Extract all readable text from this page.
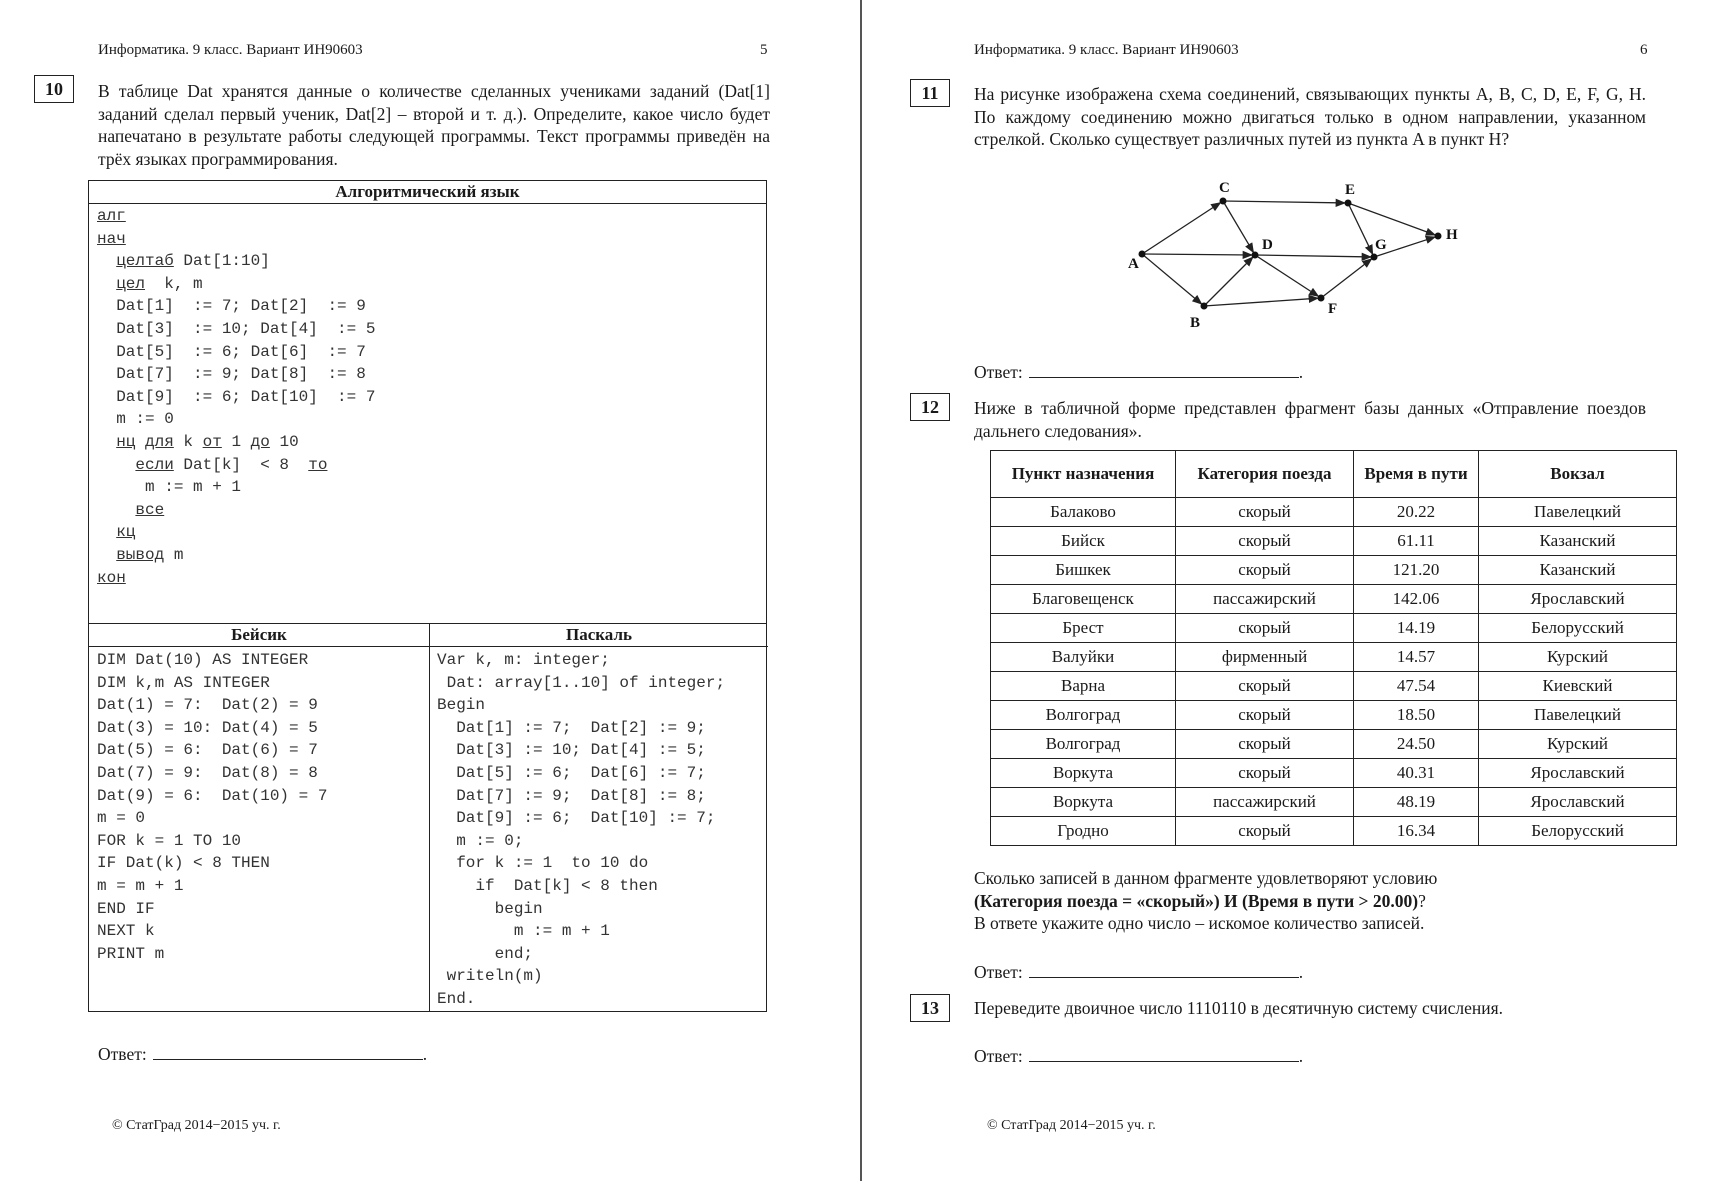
Информатика. 9 класс. Вариант ИН90603	5
10	В таблице Dat хранятся данные о количестве сделанных учениками заданий (Dat[1] заданий сделал первый ученик, Dat[2] – второй и т. д.). Определите, какое число будет напечатано в результате работы следующей программы. Текст программы приведён на трёх языках программирования.
Алгоритмический язык
алг
нач
целтаб Dat[1:10]
цел  k, m
Dat[1]  := 7; Dat[2]  := 9
Dat[3]  := 10; Dat[4]  := 5
Dat[5]  := 6; Dat[6]  := 7
Dat[7]  := 9; Dat[8]  := 8
Dat[9]  := 6; Dat[10]  := 7
m := 0
нц для k от 1 до 10
если Dat[k]  < 8  то
m := m + 1
все
кц
вывод m
кон
Бейсик	Паскаль
DIM Dat(10) AS INTEGER
DIM k,m AS INTEGER
Dat(1) = 7:  Dat(2) = 9
Dat(3) = 10: Dat(4) = 5
Dat(5) = 6:  Dat(6) = 7
Dat(7) = 9:  Dat(8) = 8
Dat(9) = 6:  Dat(10) = 7
m = 0
FOR k = 1 TO 10
IF Dat(k) < 8 THEN
m = m + 1
END IF
NEXT k
PRINT m
Var k, m: integer;
Dat: array[1..10] of integer;
Begin
Dat[1] := 7;  Dat[2] := 9;
Dat[3] := 10; Dat[4] := 5;
Dat[5] := 6;  Dat[6] := 7;
Dat[7] := 9;  Dat[8] := 8;
Dat[9] := 6;  Dat[10] := 7;
m := 0;
for k := 1  to 10 do
if  Dat[k] < 8 then
begin
m := m + 1
end;
writeln(m)
End.
Ответ:	.
© СтатГрад 2014−2015 уч. г.
Информатика. 9 класс. Вариант ИН90603	6
11	На рисунке изображена схема соединений, связывающих пункты A, B, C, D, E, F, G, H. По каждому соединению можно двигаться только в одном направлении, указанном стрелкой. Сколько существует различных путей из пункта A в пункт H?
A
B
C
D
E
F
G
H
Ответ:	.
12	Ниже в табличной форме представлен фрагмент базы данных «Отправление поездов дальнего следования».
Сколько записей в данном фрагменте удовлетворяют условию
(Категория поезда = «скорый») И (Время в пути > 20.00)?
В ответе укажите одно число – искомое количество записей.
Ответ:	.
13	Переведите двоичное число 1110110 в десятичную систему счисления.
Ответ:	.
© СтатГрад 2014−2015 уч. г.
Пункт назначения	Категория поезда	Время в пути	Вокзал
Балаково	скорый	20.22	Павелецкий
Бийск	скорый	61.11	Казанский
Бишкек	скорый	121.20	Казанский
Благовещенск	пассажирский	142.06	Ярославский
Брест	скорый	14.19	Белорусский
Валуйки	фирменный	14.57	Курский
Варна	скорый	47.54	Киевский
Волгоград	скорый	18.50	Павелецкий
Волгоград	скорый	24.50	Курский
Воркута	скорый	40.31	Ярославский
Воркута	пассажирский	48.19	Ярославский
Гродно	скорый	16.34	Белорусский
